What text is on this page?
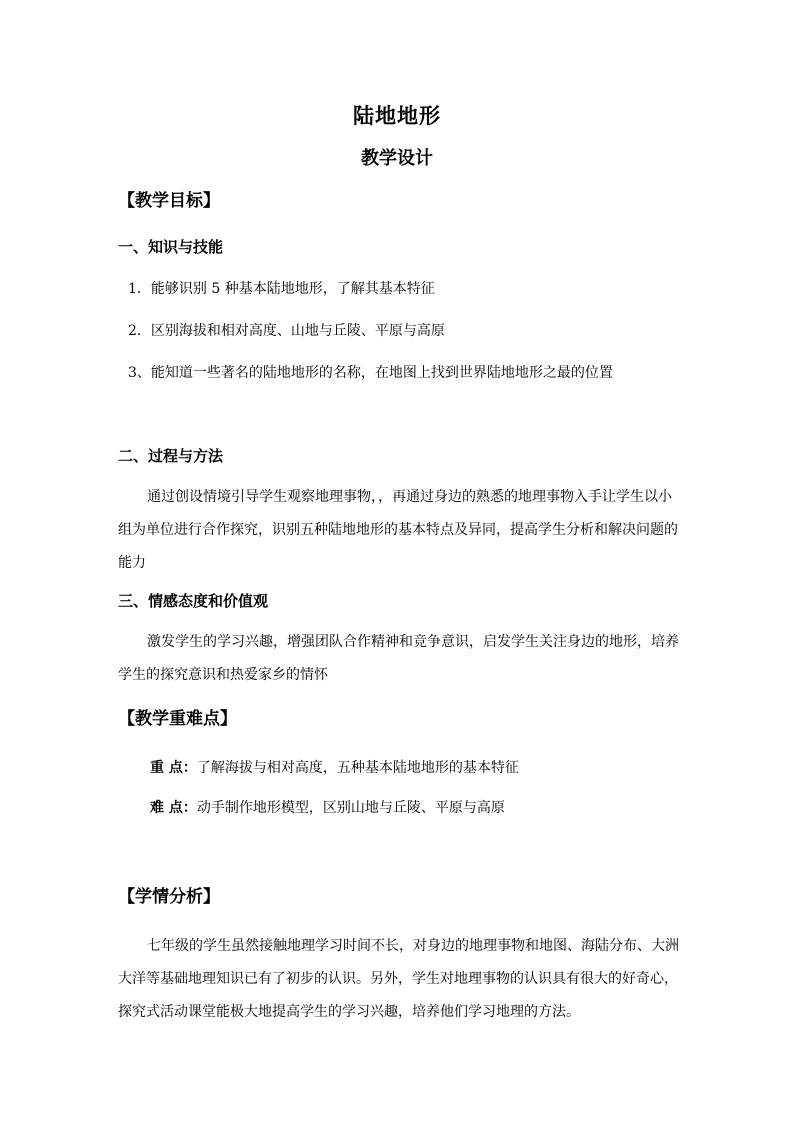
陆地地形
教学设计
【教学目标】
一、知识与技能
1．能够识别 5 种基本陆地地形，了解其基本特征
2．区别海拔和相对高度、山地与丘陵、平原与高原
3、能知道一些著名的陆地地形的名称，在地图上找到世界陆地地形之最的位置
二、过程与方法
通过创设情境引导学生观察地理事物，，再通过身边的熟悉的地理事物入手让学生以小
组为单位进行合作探究，识别五种陆地地形的基本特点及异同，提高学生分析和解决问题的
能力
三、情感态度和价值观
激发学生的学习兴趣，增强团队合作精神和竞争意识，启发学生关注身边的地形，培养
学生的探究意识和热爱家乡的情怀
【教学重难点】
重 点：了解海拔与相对高度，五种基本陆地地形的基本特征
难 点：动手制作地形模型，区别山地与丘陵、平原与高原
【学情分析】
七年级的学生虽然接触地理学习时间不长，对身边的地理事物和地图、海陆分布、大洲
大洋等基础地理知识已有了初步的认识。另外，学生对地理事物的认识具有很大的好奇心，
探究式活动课堂能极大地提高学生的学习兴趣，培养他们学习地理的方法。
